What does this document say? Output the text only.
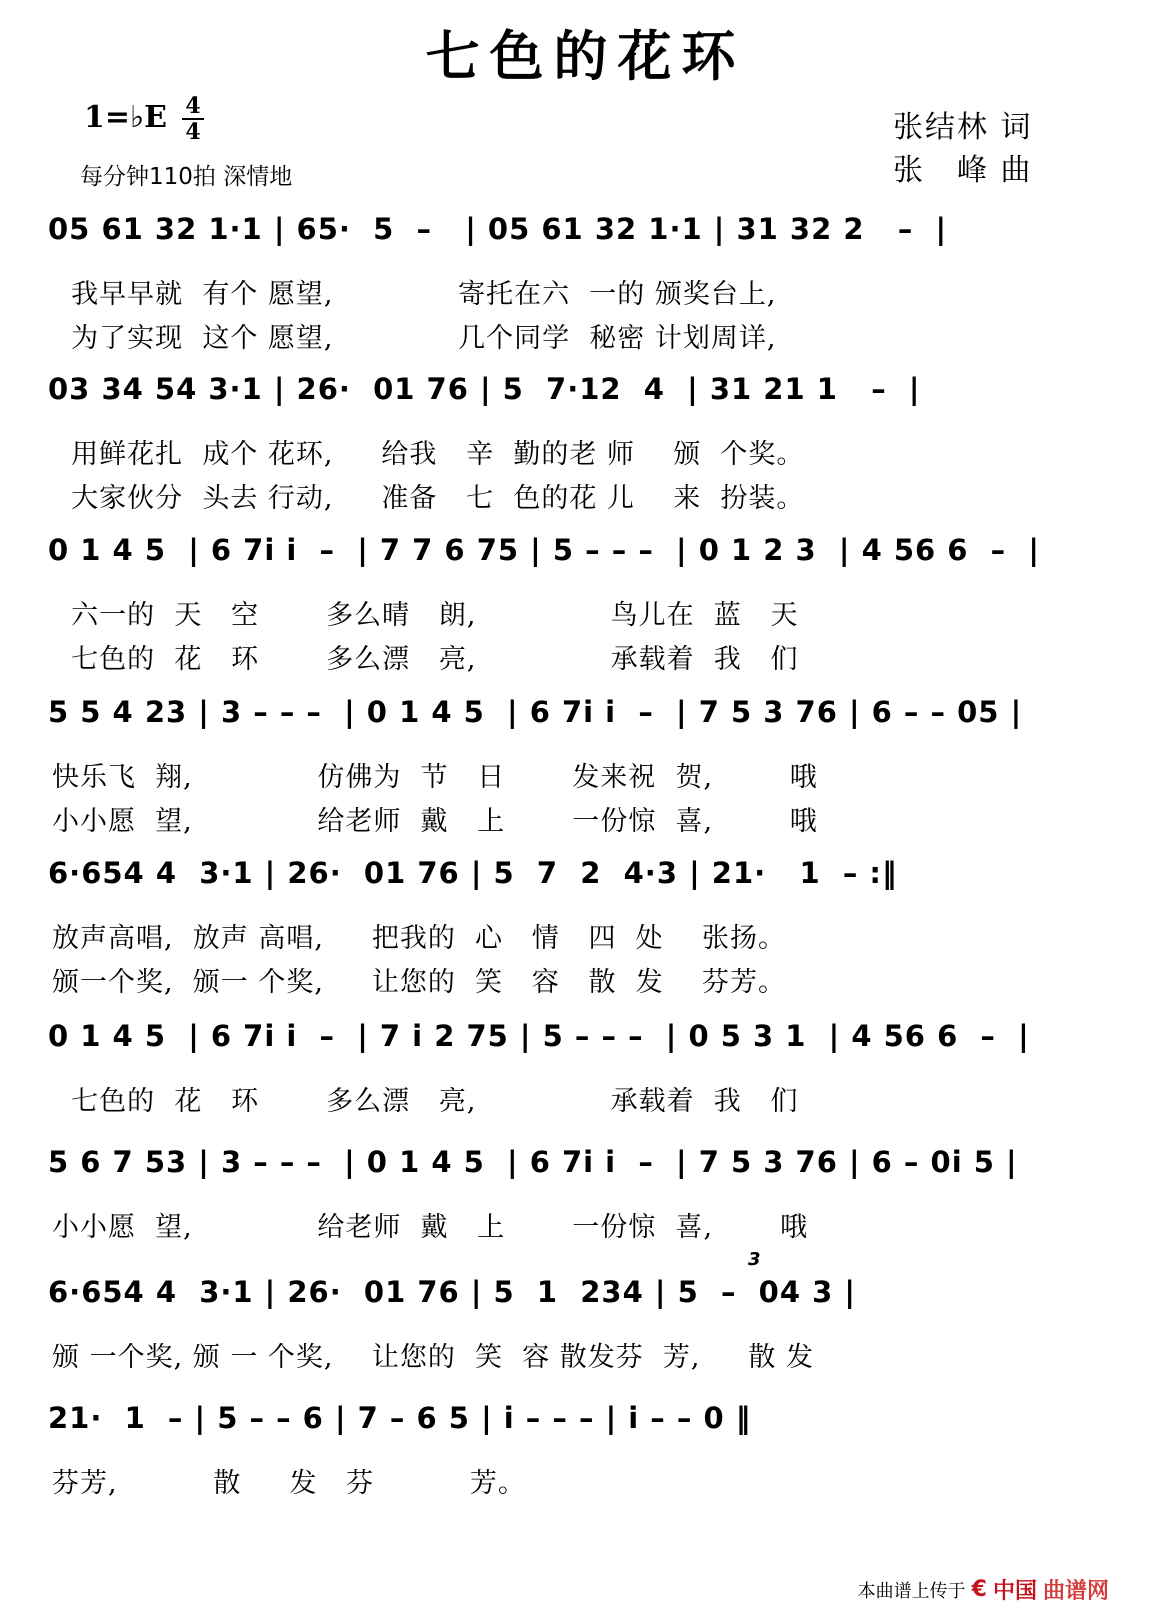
七色的花环
1=♭E 4
4
每分钟110拍 深情地
张结林 词
张　峰 曲
05 61 32 1·1 | 65·  5  –   | 05 61 32 1·1 | 31 32 2   –  |
我早早就  有个 愿望,             寄托在六  一的 颁奖台上,
为了实现  这个 愿望,             几个同学  秘密 计划周详,
03 34 54 3·1 | 26·  01 76 | 5  7·12  4  | 31 21 1   –  |
用鲜花扎  成个 花环,     给我   辛  勤的老 师    颁  个奖。
大家伙分  头去 行动,     准备   七  色的花 儿    来  扮装。
0 1 4 5  | 6 7i i  –  | 7 7 6 75 | 5 – – –  | 0 1 2 3  | 4 56 6  –  |
六一的  天   空       多么晴   朗,              鸟儿在  蓝   天
七色的  花   环       多么漂   亮,              承载着  我   们
5 5 4 23 | 3 – – –  | 0 1 4 5  | 6 7i i  –  | 7 5 3 76 | 6 – – 05 |
快乐飞  翔,             仿佛为  节   日       发来祝  贺,        哦
小小愿  望,             给老师  戴   上       一份惊  喜,        哦
6·654 4  3·1 | 26·  01 76 | 5  7  2  4·3 | 21·   1  – :‖
放声高唱,  放声 高唱,     把我的  心   情   四  处    张扬。
颁一个奖,  颁一 个奖,     让您的  笑   容   散  发    芬芳。
0 1 4 5  | 6 7i i  –  | 7 i 2 75 | 5 – – –  | 0 5 3 1  | 4 56 6  –  |
七色的  花   环       多么漂   亮,              承载着  我   们
5 6 7 53 | 3 – – –  | 0 1 4 5  | 6 7i i  –  | 7 5 3 76 | 6 – 0i 5 |
小小愿  望,             给老师  戴   上       一份惊  喜,       哦
3
6·654 4  3·1 | 26·  01 76 | 5  1  234 | 5  –  04 3 |
颁 一个奖, 颁 一 个奖,    让您的  笑  容 散发芬  芳,     散 发
21·  1  – | 5 – – 6 | 7 – 6 5 | i – – – | i – – 0 ‖
芬芳,          散     发   芬          芳。
本曲谱上传于 € 中国 曲谱网
